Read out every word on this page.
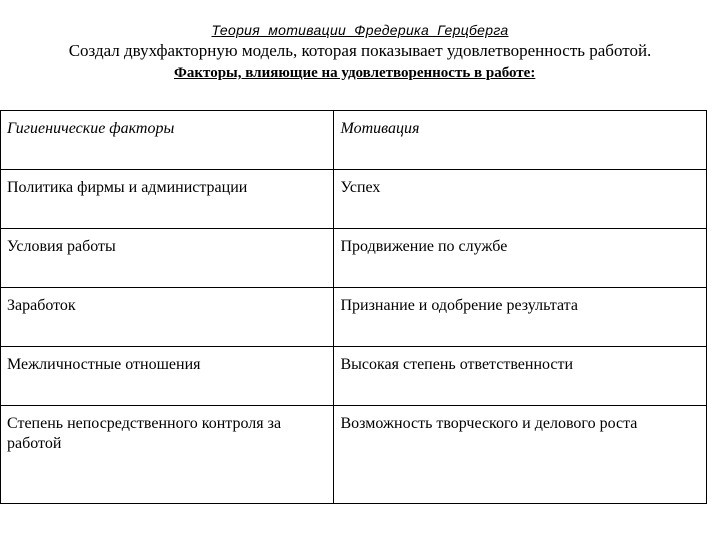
Теория мотивации Фредерика Герцберга

Создал двухфакторную модель, которая показывает удовлетворенность работой.

Факторы, влияющие на удовлетворенность в работе:

Гигиенические факторы	Мотивация
Политика фирмы и администрации	Успех
Условия работы	Продвижение по службе
Заработок	Признание и одобрение результата
Межличностные отношения	Высокая степень ответственности
Степень непосредственного контроля за работой	Возможность творческого и делового роста
